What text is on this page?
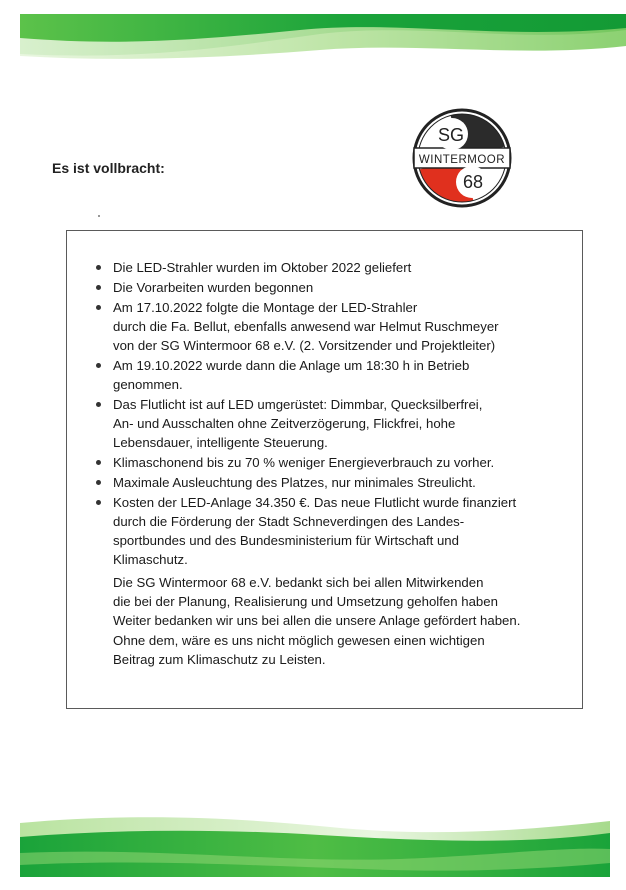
Es ist vollbracht:
SG
WINTERMOOR
68
Die LED-Strahler wurden im Oktober 2022 geliefert
Die Vorarbeiten wurden begonnen
Am 17.10.2022 folgte die Montage der LED-Strahler
durch die Fa. Bellut, ebenfalls anwesend war Helmut Ruschmeyer
von der SG Wintermoor 68 e.V. (2. Vorsitzender und Projektleiter)
Am 19.10.2022 wurde dann die Anlage um 18:30 h in Betrieb
genommen.
Das Flutlicht ist auf LED umgerüstet: Dimmbar, Quecksilberfrei,
An- und Ausschalten ohne Zeitverzögerung, Flickfrei, hohe
Lebensdauer, intelligente Steuerung.
Klimaschonend bis zu 70 % weniger Energieverbrauch zu vorher.
Maximale Ausleuchtung des Platzes, nur minimales Streulicht.
Kosten der LED-Anlage 34.350 €. Das neue Flutlicht wurde finanziert
durch die Förderung der Stadt Schneverdingen des Landes-
sportbundes und des Bundesministerium für Wirtschaft und
Klimaschutz.
Die SG Wintermoor 68 e.V. bedankt sich bei allen Mitwirkenden
die bei der Planung, Realisierung und Umsetzung geholfen haben
Weiter bedanken wir uns bei allen die unsere Anlage gefördert haben.
Ohne dem, wäre es uns nicht möglich gewesen einen wichtigen
Beitrag zum Klimaschutz zu Leisten.
